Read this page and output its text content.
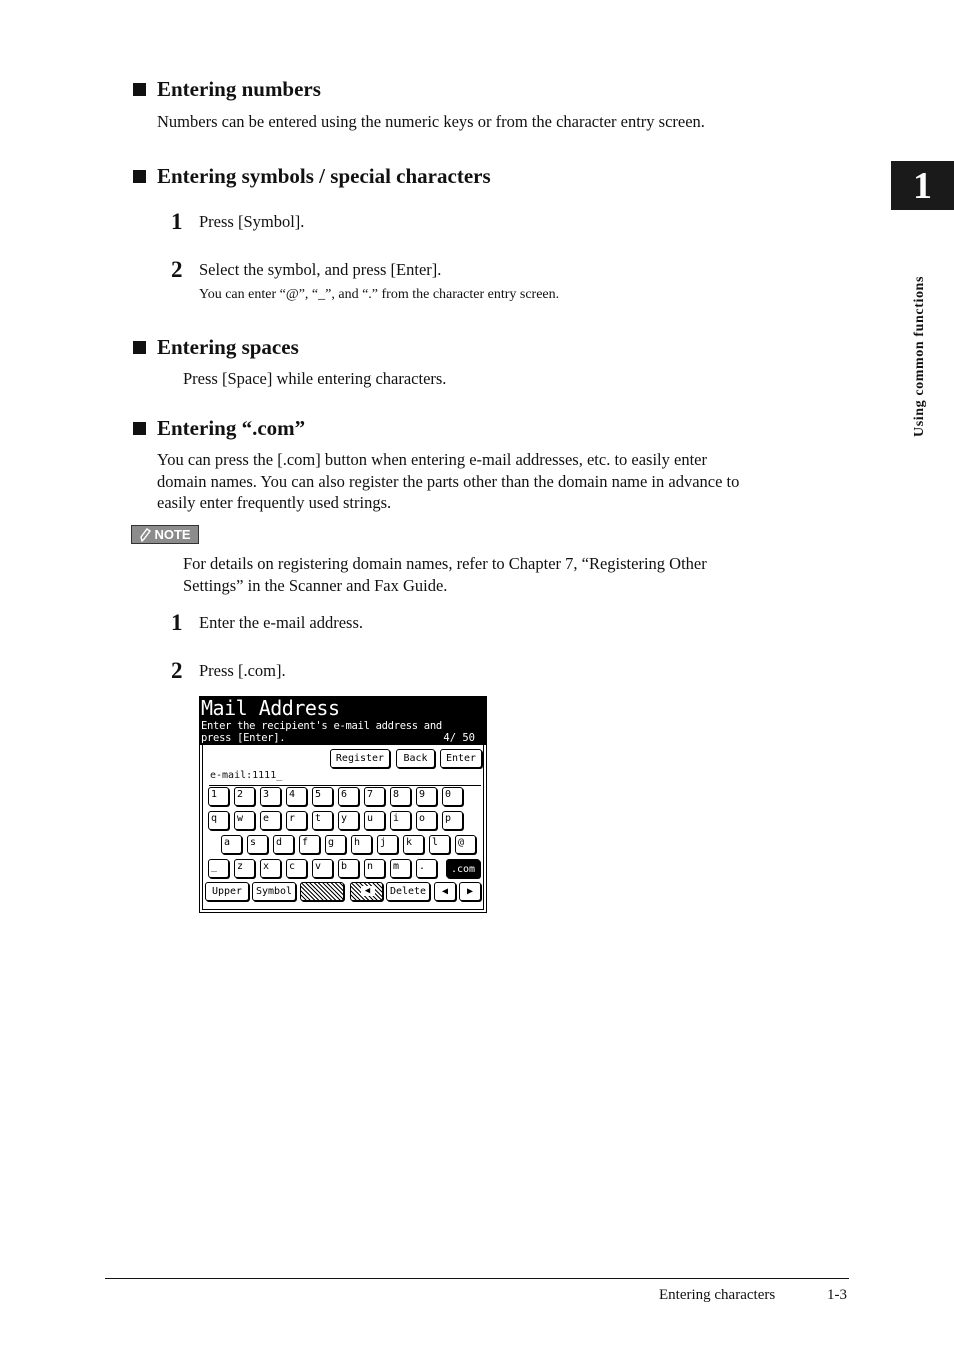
Entering numbers
Numbers can be entered using the numeric keys or from the character entry screen.
Entering symbols / special characters
1 Press [Symbol].
2 Select the symbol, and press [Enter].
You can enter “@”, “_”, and “.” from the character entry screen.
Entering spaces
Press [Space] while entering characters.
Entering “.com”
You can press the [.com] button when entering e-mail addresses, etc. to easily enter
domain names. You can also register the parts other than the domain name in advance to
easily enter frequently used strings.
NOTE
For details on registering domain names, refer to Chapter 7, “Registering Other
Settings” in the Scanner and Fax Guide.
1 Enter the e-mail address.
2 Press [.com].
Mail Address
Enter the recipient's e-mail address and
press [Enter].	4/ 50
Register	Back	Enter
e-mail:1111_
1	2	3	4	5	6	7	8	9	0
q	w	e	r	t	y	u	i	o	p
a	s	d	f	g	h	j	k	l	@
_	z	x	c	v	b	n	m	.	.com
Upper	Symbol	◀	Delete	◀	▶
1
Using common functions
Entering characters	1-3
